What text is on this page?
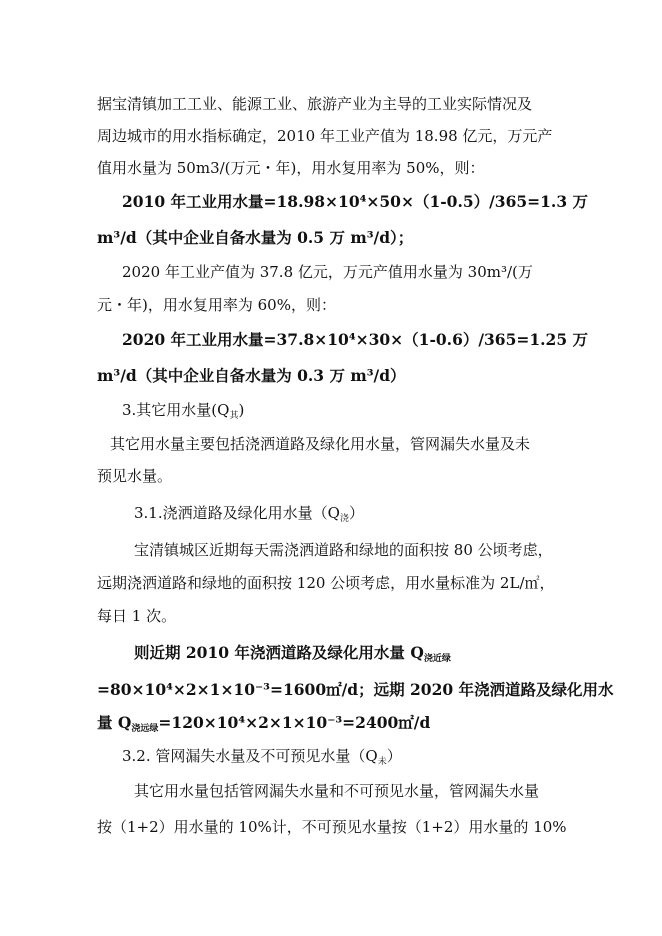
据宝清镇加工工业、能源工业、旅游产业为主导的工业实际情况及
周边城市的用水指标确定，2010 年工业产值为 18.98 亿元，万元产
值用水量为 50m3/(万元・年)，用水复用率为 50%，则：
2010 年工业用水量=18.98×10⁴×50×（1-0.5）/365=1.3 万
m³/d（其中企业自备水量为 0.5 万 m³/d）；
2020 年工业产值为 37.8 亿元，万元产值用水量为 30m³/(万
元・年)，用水复用率为 60%，则：
2020 年工业用水量=37.8×10⁴×30×（1-0.6）/365=1.25 万
m³/d（其中企业自备水量为 0.3 万 m³/d）
3.其它用水量$(Q_其)$
其它用水量主要包括浇洒道路及绿化用水量，管网漏失水量及未
预见水量。
3.1.浇洒道路及绿化用水量$(Q_浇)$
宝清镇城区近期每天需浇洒道路和绿地的面积按 80 公顷考虑，
远期浇洒道路和绿地的面积按 120 公顷考虑，用水量标准为 2L/㎡，
每日 1 次。
则近期 2010 年浇洒道路及绿化用水量 $Q_{浇近绿}$
=80×10⁴×2×1×10⁻³=1600㎡/d；远期 2020 年浇洒道路及绿化用水
量 $Q_{浇远绿}=120\times 10^4\times 2\times 1\times 10^{-3}=2400㎡/d$
3.2. 管网漏失水量及不可预见水量$(Q_未)$
其它用水量包括管网漏失水量和不可预见水量，管网漏失水量
按（1+2）用水量的 10%计，不可预见水量按（1+2）用水量的 10%
